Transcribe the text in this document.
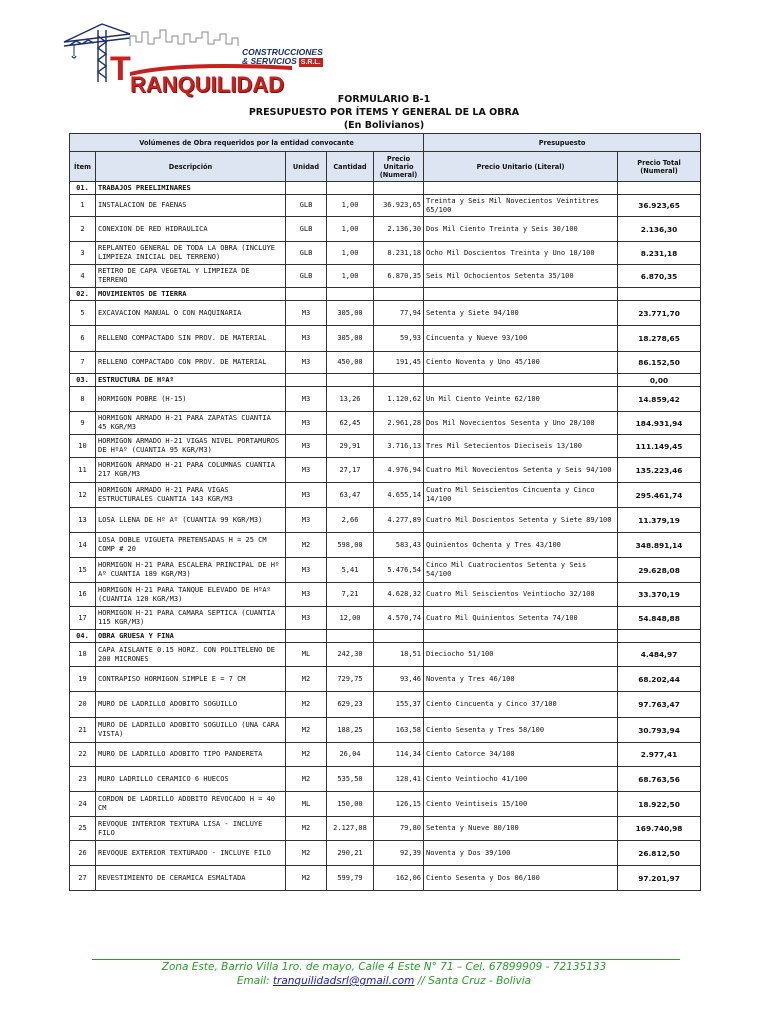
T	CONSTRUCCIONES
& SERVICIOS S.R.L.
RANQUILIDAD
FORMULARIO B-1
PRESUPUESTO POR ÍTEMS Y GENERAL DE LA OBRA
(En Bolivianos)
Volúmenes de Obra requeridos por la entidad convocante					Presupuesto	
Ítem	Descripción	Unidad	Cantidad	Precio Unitario (Numeral)	Precio Unitario (Literal)	Precio Total (Numeral)
01.	TRABAJOS PREELIMINARES					
1	INSTALACION DE FAENAS	GLB	1,00	36.923,65	Treinta y Seis Mil Novecientos Veintitres 65/100	36.923,65
2	CONEXION DE RED HIDRAULICA	GLB	1,00	2.136,30	Dos Mil Ciento Treinta y Seis 30/100	2.136,30
3	REPLANTEO GENERAL DE TODA LA OBRA (INCLUYE LIMPIEZA INICIAL DEL TERRENO)	GLB	1,00	8.231,18	Ocho Mil Doscientos Treinta y Uno 18/100	8.231,18
4	RETIRO DE CAPA VEGETAL Y LIMPIEZA DE TERRENO	GLB	1,00	6.870,35	Seis Mil Ochocientos Setenta 35/100	6.870,35
02.	MOVIMIENTOS DE TIERRA					
5	EXCAVACION MANUAL O CON MAQUINARIA	M3	305,00	77,94	Setenta y Siete 94/100	23.771,70
6	RELLENO COMPACTADO SIN PROV. DE MATERIAL	M3	305,00	59,93	Cincuenta y Nueve 93/100	18.278,65
7	RELLENO COMPACTADO CON PROV. DE MATERIAL	M3	450,00	191,45	Ciento Noventa y Uno 45/100	86.152,50
03.	ESTRUCTURA DE HºAº					0,00
8	HORMIGON POBRE (H-15)	M3	13,26	1.120,62	Un Mil Ciento Veinte 62/100	14.859,42
9	HORMIGON ARMADO H-21 PARA ZAPATAS CUANTIA 45 KGR/M3	M3	62,45	2.961,28	Dos Mil Novecientos Sesenta y Uno 28/100	184.931,94
10	HORMIGON ARMADO H-21 VIGAS NIVEL PORTAMUROS DE HºAº (CUANTIA 95 KGR/M3)	M3	29,91	3.716,13	Tres Mil Setecientos Dieciseis 13/100	111.149,45
11	HORMIGON ARMADO H-21 PARA COLUMNAS CUANTIA 217 KGR/M3	M3	27,17	4.976,94	Cuatro Mil Novecientos Setenta y Seis 94/100	135.223,46
12	HORMIGON ARMADO H-21 PARA VIGAS ESTRUCTURALES CUANTIA 143 KGR/M3	M3	63,47	4.655,14	Cuatro Mil Seiscientos Cincuenta y Cinco 14/100	295.461,74
13	LOSA LLENA DE Hº Aº (CUANTIA 99 KGR/M3)	M3	2,66	4.277,89	Cuatro Mil Doscientos Setenta y Siete 89/100	11.379,19
14	LOSA DOBLE VIGUETA PRETENSADAS H = 25 CM COMP # 20	M2	598,00	583,43	Quinientos Ochenta y Tres 43/100	348.891,14
15	HORMIGON H-21 PARA ESCALERA PRINCIPAL DE Hº Aº CUANTIA 189 KGR/M3)	M3	5,41	5.476,54	Cinco Mil Cuatrocientos Setenta y Seis 54/100	29.628,08
16	HORMIGON H-21 PARA TANQUE ELEVADO DE HºAº (CUANTIA 120 KGR/M3)	M3	7,21	4.628,32	Cuatro Mil Seiscientos Veintiocho 32/100	33.370,19
17	HORMIGON H-21 PARA CAMARA SEPTICA (CUANTIA 115 KGR/M3)	M3	12,00	4.570,74	Cuatro Mil Quinientos Setenta 74/100	54.848,88
04.	OBRA GRUESA Y FINA					
18	CAPA AISLANTE 0.15 HORZ. CON POLITELENO DE 200 MICRONES	ML	242,30	18,51	Dieciocho 51/100	4.484,97
19	CONTRAPISO HORMIGON SIMPLE E = 7 CM	M2	729,75	93,46	Noventa y Tres 46/100	68.202,44
20	MURO DE LADRILLO ADOBITO SOGUILLO	M2	629,23	155,37	Ciento Cincuenta y Cinco 37/100	97.763,47
21	MURO DE LADRILLO ADOBITO SOGUILLO (UNA CARA VISTA)	M2	188,25	163,58	Ciento Sesenta y Tres 58/100	30.793,94
22	MURO DE LADRILLO ADOBITO TIPO PANDERETA	M2	26,04	114,34	Ciento Catorce 34/100	2.977,41
23	MURO LADRILLO CERAMICO 6 HUECOS	M2	535,50	128,41	Ciento Veintiocho 41/100	68.763,56
24	CORDON DE LADRILLO ADOBITO REVOCADO H = 40 CM	ML	150,00	126,15	Ciento Veintiseis 15/100	18.922,50
25	REVOQUE INTERIOR TEXTURA LISA - INCLUYE FILO	M2	2.127,08	79,80	Setenta y Nueve 80/100	169.740,98
26	REVOQUE EXTERIOR TEXTURADO - INCLUYE FILO	M2	290,21	92,39	Noventa y Dos 39/100	26.812,50
27	REVESTIMIENTO DE CERAMICA ESMALTADA	M2	599,79	162,06	Ciento Sesenta y Dos 06/100	97.201,97
Zona Este, Barrio Villa 1ro. de mayo, Calle 4 Este N° 71 – Cel. 67899909 - 72135133
Email: tranquilidadsrl@gmail.com // Santa Cruz - Bolivia
